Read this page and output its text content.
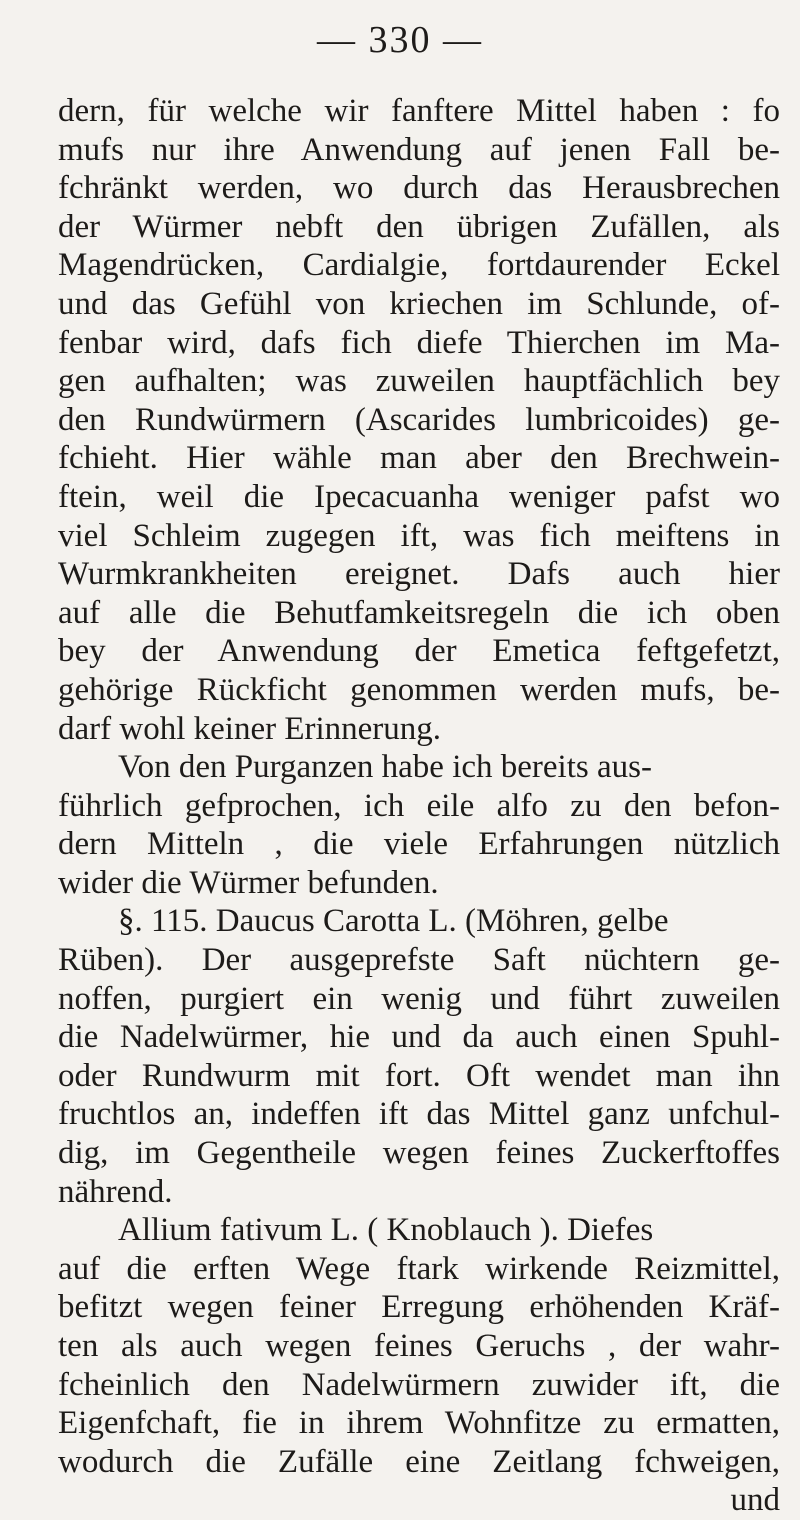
— 330 —
dern, für welche wir fanftere Mittel haben : fo
mufs nur ihre Anwendung auf jenen Fall be-
fchränkt werden, wo durch das Herausbrechen
der Würmer nebft den übrigen Zufällen, als
Magendrücken, Cardialgie, fortdaurender Eckel
und das Gefühl von kriechen im Schlunde, of-
fenbar wird, dafs fich diefe Thierchen im Ma-
gen aufhalten; was zuweilen hauptfächlich bey
den Rundwürmern (Ascarides lumbricoides) ge-
fchieht. Hier wähle man aber den Brechwein-
ftein, weil die Ipecacuanha weniger pafst wo
viel Schleim zugegen ift, was fich meiftens in
Wurmkrankheiten ereignet. Dafs auch hier
auf alle die Behutfamkeitsregeln die ich oben
bey der Anwendung der Emetica feftgefetzt,
gehörige Rückficht genommen werden mufs, be-
darf wohl keiner Erinnerung.
Von den Purganzen habe ich bereits aus-
führlich gefprochen, ich eile alfo zu den befon-
dern Mitteln , die viele Erfahrungen nützlich
wider die Würmer befunden.
§. 115. Daucus Carotta L. (Möhren, gelbe
Rüben). Der ausgeprefste Saft nüchtern ge-
noffen, purgiert ein wenig und führt zuweilen
die Nadelwürmer, hie und da auch einen Spuhl-
oder Rundwurm mit fort. Oft wendet man ihn
fruchtlos an, indeffen ift das Mittel ganz unfchul-
dig, im Gegentheile wegen feines Zuckerftoffes
nährend.
Allium fativum L. ( Knoblauch ). Diefes
auf die erften Wege ftark wirkende Reizmittel,
befitzt wegen feiner Erregung erhöhenden Kräf-
ten als auch wegen feines Geruchs , der wahr-
fcheinlich den Nadelwürmern zuwider ift, die
Eigenfchaft, fie in ihrem Wohnfitze zu ermatten,
wodurch die Zufälle eine Zeitlang fchweigen,
und
